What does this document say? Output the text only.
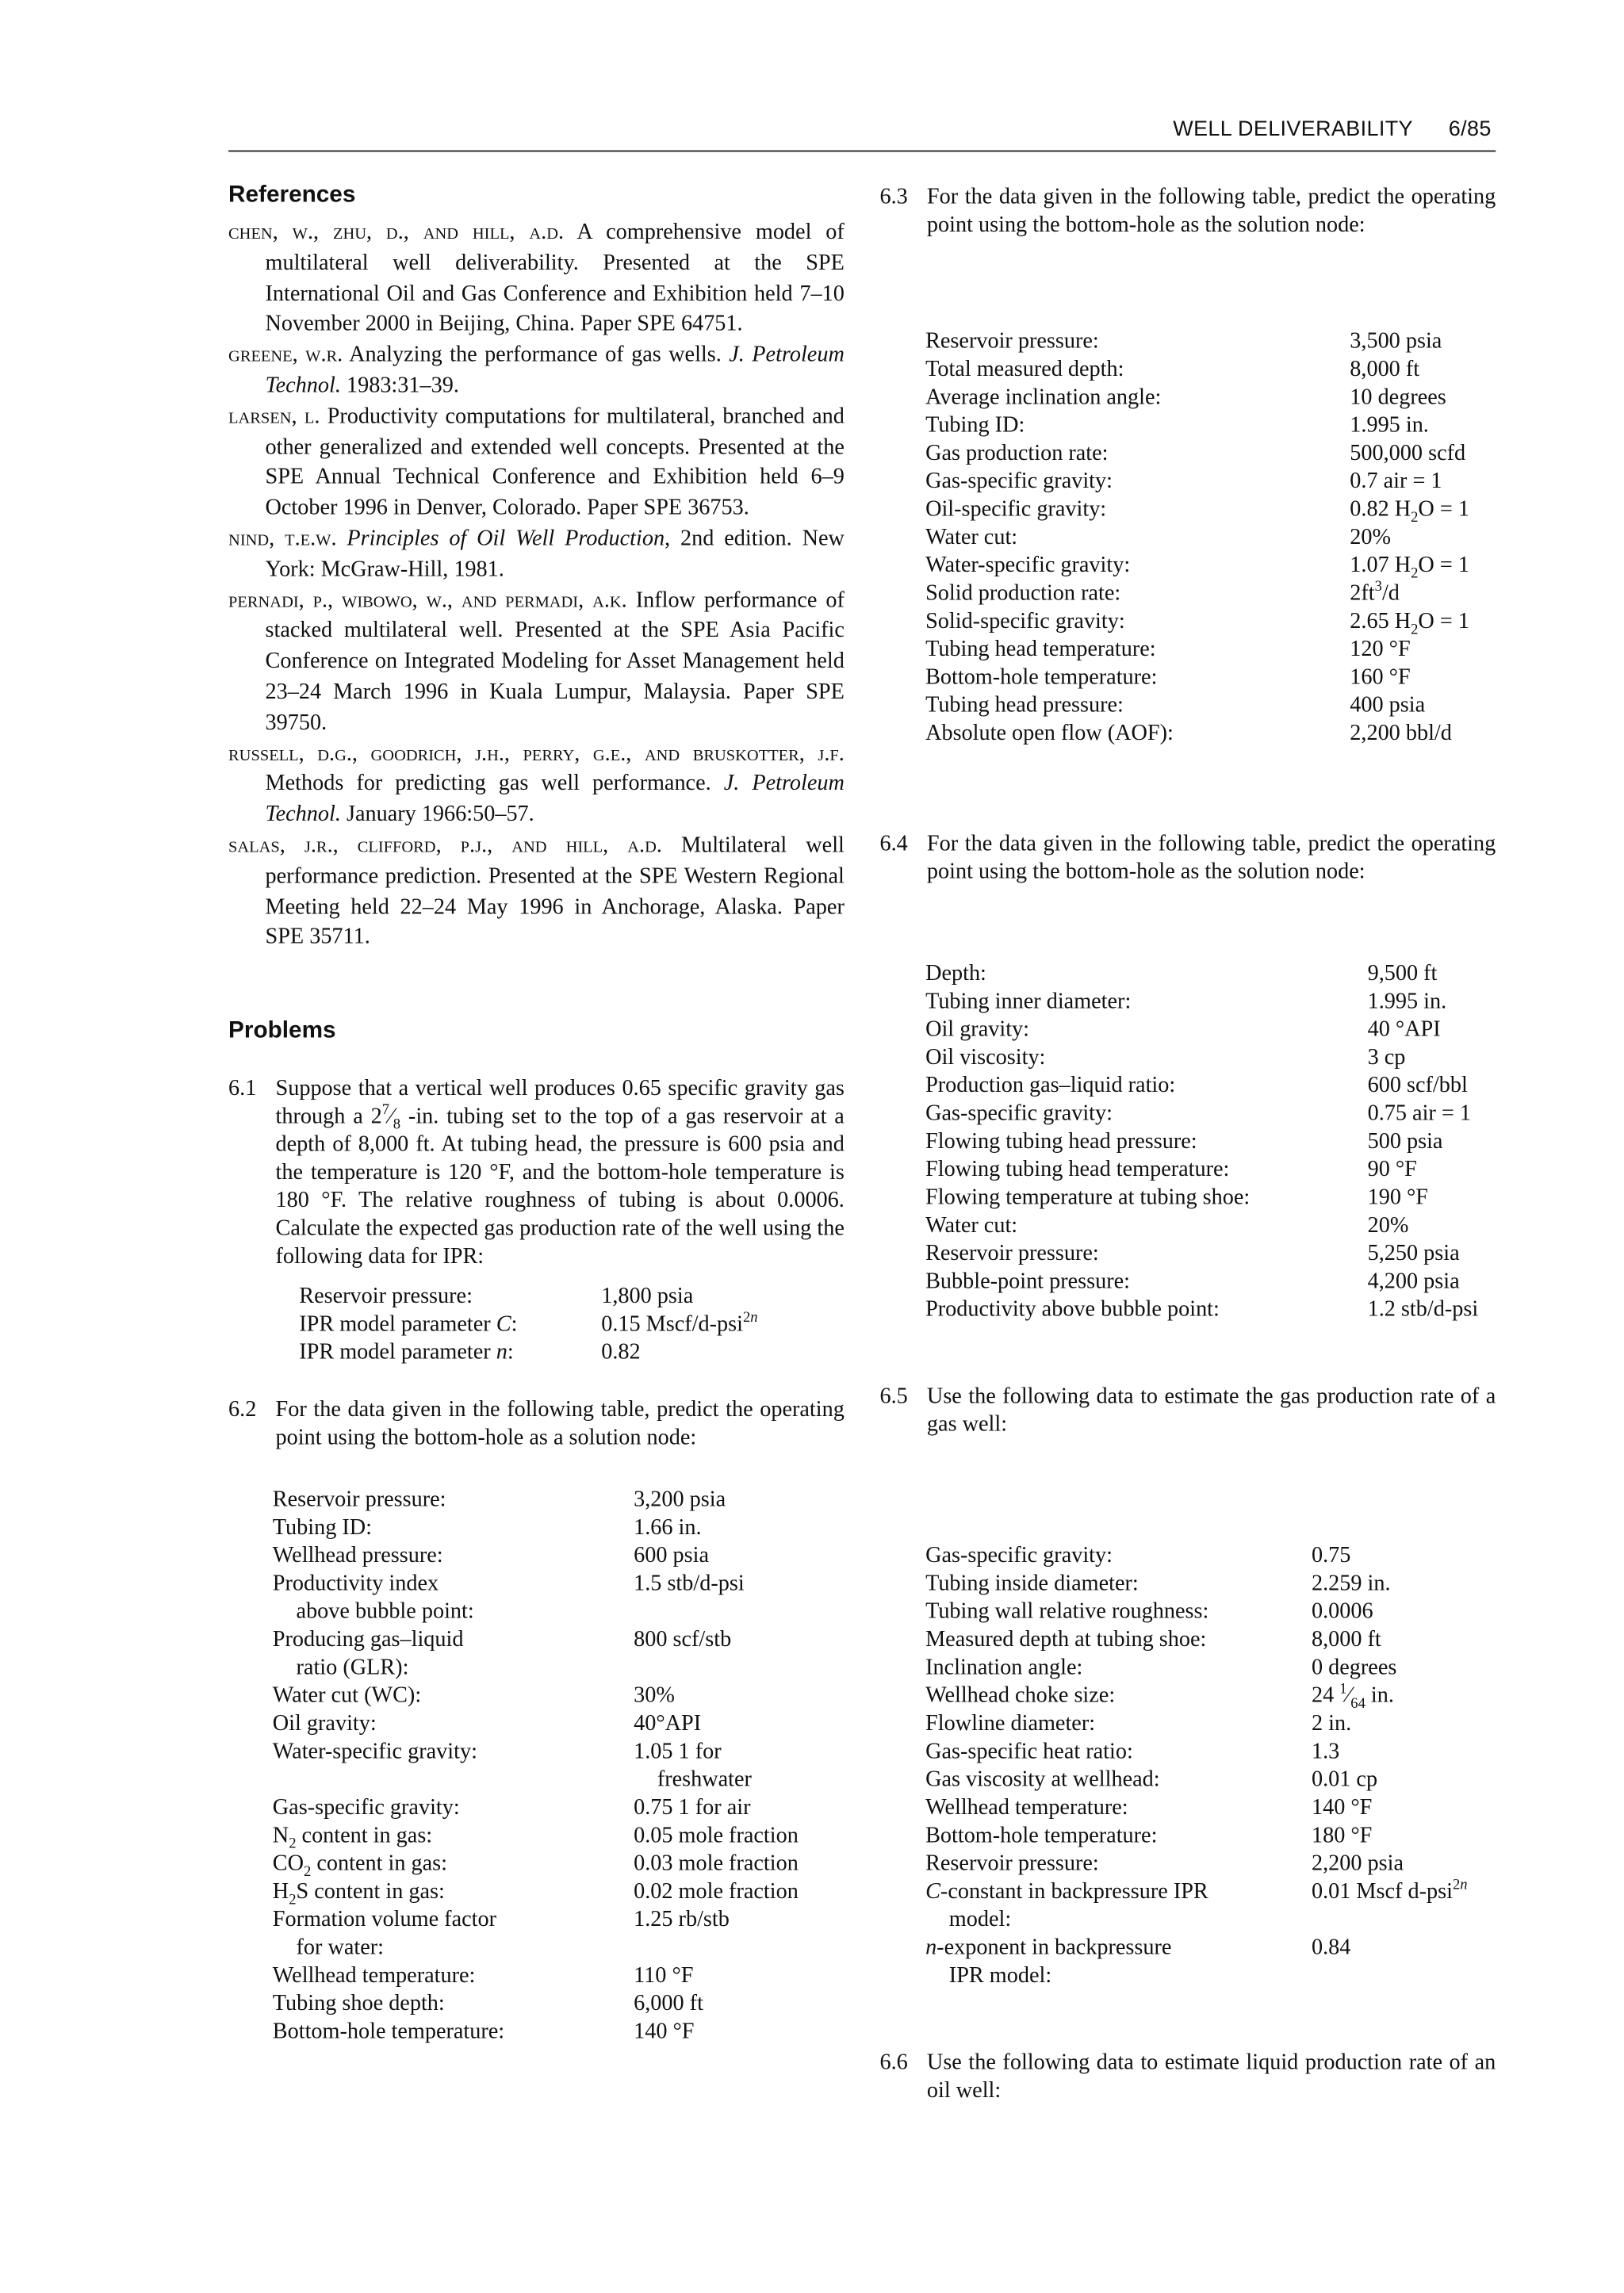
WELL DELIVERABILITY	6/85
References
chen, w., zhu, d., and hill, a.d. A comprehensive model of multilateral well deliverability. Presented at the SPE International Oil and Gas Conference and Exhibition held 7–10 November 2000 in Beijing, China. Paper SPE 64751.
greene, w.r. Analyzing the performance of gas wells. J. Petroleum Technol. 1983:31–39.
larsen, l. Productivity computations for multilateral, branched and other generalized and extended well concepts. Presented at the SPE Annual Technical Conference and Exhibition held 6–9 October 1996 in Denver, Colorado. Paper SPE 36753.
nind, t.e.w. Principles of Oil Well Production, 2nd edition. New York: McGraw-Hill, 1981.
pernadi, p., wibowo, w., and permadi, a.k. Inflow performance of stacked multilateral well. Presented at the SPE Asia Pacific Conference on Integrated Modeling for Asset Management held 23–24 March 1996 in Kuala Lumpur, Malaysia. Paper SPE 39750.
russell, d.g., goodrich, j.h., perry, g.e., and bruskotter, j.f. Methods for predicting gas well performance. J. Petroleum Technol. January 1966:50–57.
salas, j.r., clifford, p.j., and hill, a.d. Multilateral well performance prediction. Presented at the SPE Western Regional Meeting held 22–24 May 1996 in Anchorage, Alaska. Paper SPE 35711.
Problems
6.1	Suppose that a vertical well produces 0.65 specific gravity gas through a $2^7⁄_8$ -in. tubing set to the top of a gas reservoir at a depth of 8,000 ft. At tubing head, the pressure is 600 psia and the temperature is 120 °F, and the bottom-hole temperature is 180 °F. The relative roughness of tubing is about 0.0006. Calculate the expected gas production rate of the well using the following data for IPR:
Reservoir pressure:	1,800 psia
IPR model parameter C:	0.15 Mscf/d-psi$^{2n}$
IPR model parameter n:	0.82
6.2	For the data given in the following table, predict the operating point using the bottom-hole as a solution node:
Reservoir pressure:	3,200 psia
Tubing ID:	1.66 in.
Wellhead pressure:	600 psia
Productivity index
above bubble point:	1.5 stb/d-psi
Producing gas–liquid
ratio (GLR):	800 scf/stb
Water cut (WC):	30%
Oil gravity:	40°API
Water-specific gravity:	1.05 1 for
freshwater
Gas-specific gravity:	0.75 1 for air
$N_2$ content in gas:	0.05 mole fraction
$CO_2$ content in gas:	0.03 mole fraction
$H_2S$ content in gas:	0.02 mole fraction
Formation volume factor
for water:	1.25 rb/stb
Wellhead temperature:	110 °F
Tubing shoe depth:	6,000 ft
Bottom-hole temperature:	140 °F
6.3	For the data given in the following table, predict the operating point using the bottom-hole as the solution node:
Reservoir pressure:	3,500 psia
Total measured depth:	8,000 ft
Average inclination angle:	10 degrees
Tubing ID:	1.995 in.
Gas production rate:	500,000 scfd
Gas-specific gravity:	0.7 air = 1
Oil-specific gravity:	0.82 $H_2O = 1$
Water cut:	20%
Water-specific gravity:	1.07 $H_2O = 1$
Solid production rate:	$2ft^3/d$
Solid-specific gravity:	2.65 $H_2O = 1$
Tubing head temperature:	120 °F
Bottom-hole temperature:	160 °F
Tubing head pressure:	400 psia
Absolute open flow (AOF):	2,200 bbl/d
6.4	For the data given in the following table, predict the operating point using the bottom-hole as the solution node:
Depth:	9,500 ft
Tubing inner diameter:	1.995 in.
Oil gravity:	40 °API
Oil viscosity:	3 cp
Production gas–liquid ratio:	600 scf/bbl
Gas-specific gravity:	0.75 air = 1
Flowing tubing head pressure:	500 psia
Flowing tubing head temperature:	90 °F
Flowing temperature at tubing shoe:	190 °F
Water cut:	20%
Reservoir pressure:	5,250 psia
Bubble-point pressure:	4,200 psia
Productivity above bubble point:	1.2 stb/d-psi
6.5	Use the following data to estimate the gas production rate of a gas well:
Gas-specific gravity:	0.75
Tubing inside diameter:	2.259 in.
Tubing wall relative roughness:	0.0006
Measured depth at tubing shoe:	8,000 ft
Inclination angle:	0 degrees
Wellhead choke size:	24 $^1⁄_{64}$ in.
Flowline diameter:	2 in.
Gas-specific heat ratio:	1.3
Gas viscosity at wellhead:	0.01 cp
Wellhead temperature:	140 °F
Bottom-hole temperature:	180 °F
Reservoir pressure:	2,200 psia
C-constant in backpressure IPR
model:	0.01 Mscf d-psi$^{2n}$
n-exponent in backpressure
IPR model:	0.84
6.6	Use the following data to estimate liquid production rate of an oil well:
